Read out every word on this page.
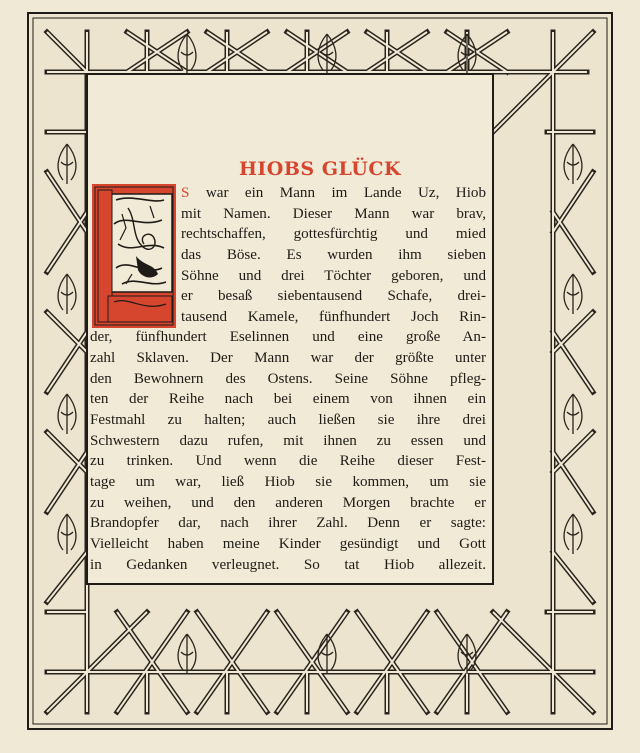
HIOBS GLÜCK
S war ein Mann im Lande Uz, Hiob
mit Namen. Dieser Mann war brav,
rechtschaffen, gottesfürchtig und mied
das Böse. Es wurden ihm sieben
Söhne und drei Töchter geboren, und
er besaß siebentausend Schafe, drei-
tausend Kamele, fünfhundert Joch Rin-
der, fünfhundert Eselinnen und eine große An-
zahl Sklaven. Der Mann war der größte unter
den Bewohnern des Ostens. Seine Söhne pfleg-
ten der Reihe nach bei einem von ihnen ein
Festmahl zu halten; auch ließen sie ihre drei
Schwestern dazu rufen, mit ihnen zu essen und
zu trinken. Und wenn die Reihe dieser Fest-
tage um war, ließ Hiob sie kommen, um sie
zu weihen, und den anderen Morgen brachte er
Brandopfer dar, nach ihrer Zahl. Denn er sagte:
Vielleicht haben meine Kinder gesündigt und Gott
in Gedanken verleugnet. So tat Hiob allezeit.
